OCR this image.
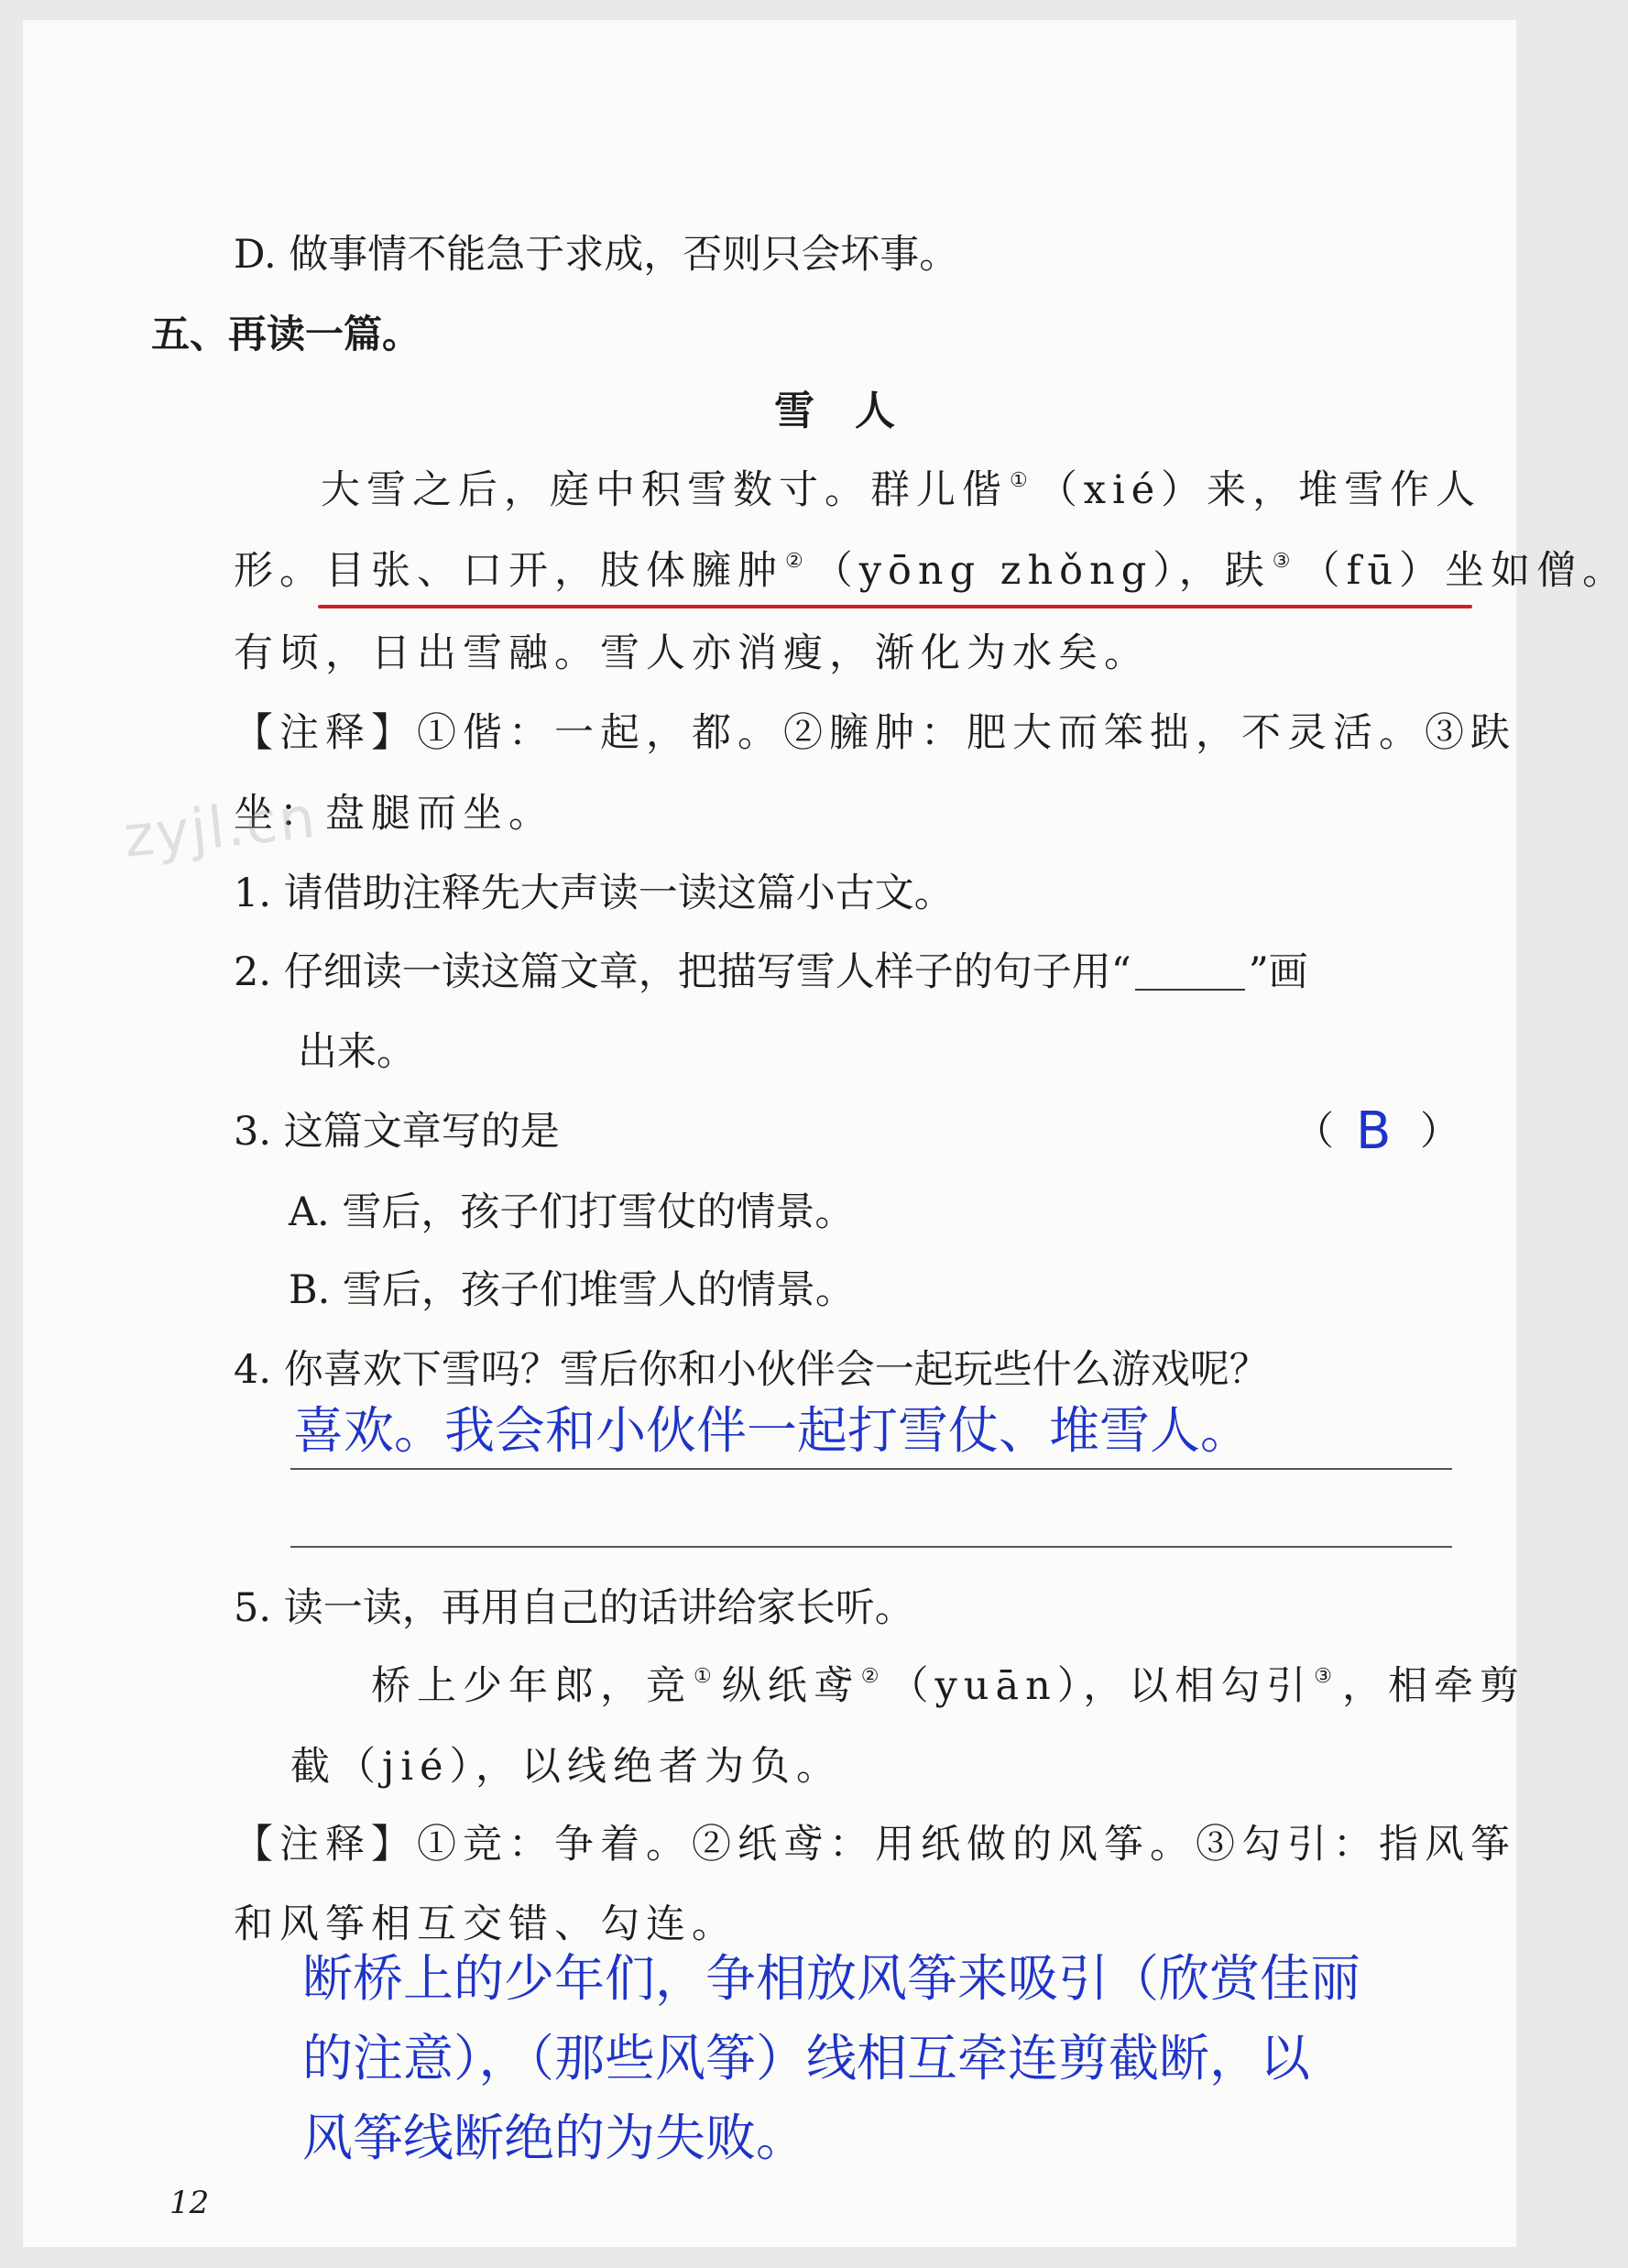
D. 做事情不能急于求成，否则只会坏事。
五、再读一篇。
雪　人
大雪之后，庭中积雪数寸。群儿偕①（xié）来，堆雪作人
形。目张、口开，肢体臃肿②（yōng zhǒng），趺③（fū）坐如僧。
有顷，日出雪融。雪人亦消瘦，渐化为水矣。
【注释】①偕：一起，都。②臃肿：肥大而笨拙，不灵活。③趺
坐：盘腿而坐。
zyjl.cn
1. 请借助注释先大声读一读这篇小古文。
2. 仔细读一读这篇文章，把描写雪人样子的句子用“	”画
出来。
3. 这篇文章写的是	（ B ）
A. 雪后，孩子们打雪仗的情景。
B. 雪后，孩子们堆雪人的情景。
4. 你喜欢下雪吗？雪后你和小伙伴会一起玩些什么游戏呢？
喜欢。我会和小伙伴一起打雪仗、堆雪人。
5. 读一读，再用自己的话讲给家长听。
桥上少年郎，竞①纵纸鸢②（yuān），以相勾引③，相牵剪
截（jié），以线绝者为负。
【注释】①竞：争着。②纸鸢：用纸做的风筝。③勾引：指风筝
和风筝相互交错、勾连。
断桥上的少年们，争相放风筝来吸引（欣赏佳丽
的注意），（那些风筝）线相互牵连剪截断，以
风筝线断绝的为失败。
12
